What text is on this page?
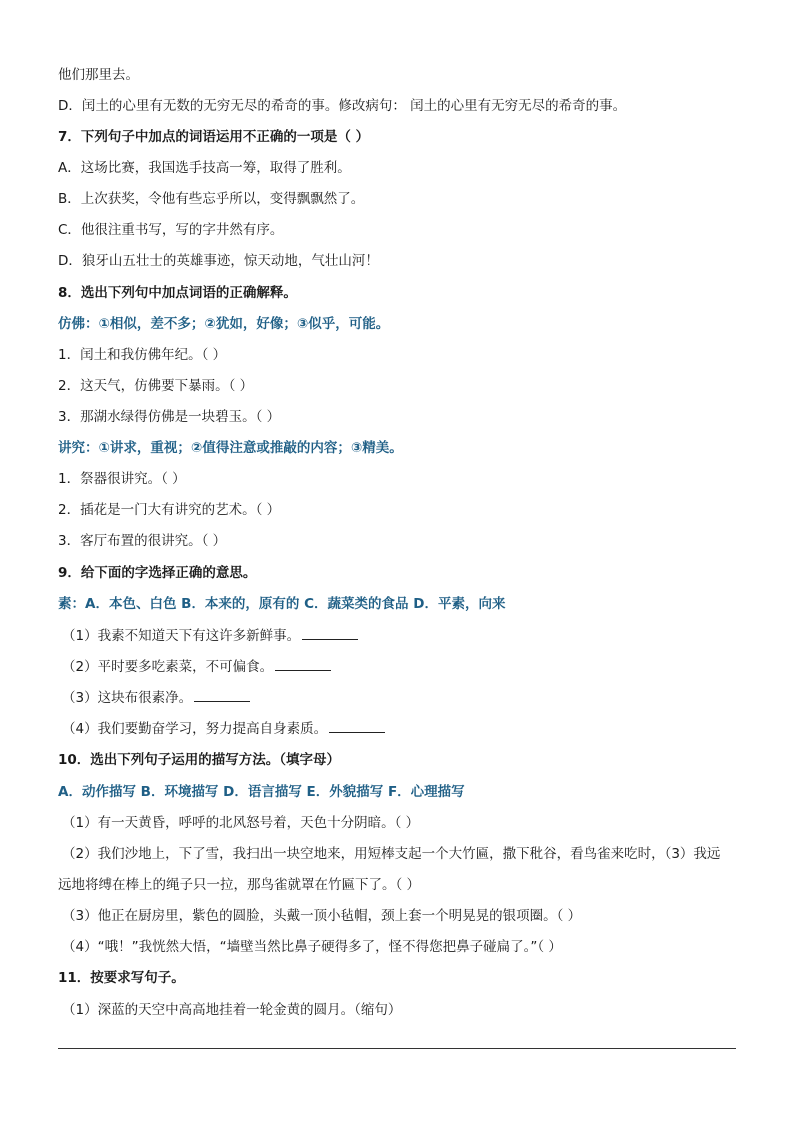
他们那里去。
D．闰土的心里有无数的无穷无尽的希奇的事。修改病句： 闰土的心里有无穷无尽的希奇的事。
7．下列句子中加点的词语运用不正确的一项是（ ）
A．这场比赛，我国选手技高一筹，取得了胜利。
B．上次获奖，令他有些忘乎所以，变得飘飘然了。
C．他很注重书写，写的字井然有序。
D．狼牙山五壮士的英雄事迹，惊天动地，气壮山河！
8．选出下列句中加点词语的正确解释。
仿佛：①相似，差不多；②犹如，好像；③似乎，可能。
1．闰土和我仿佛年纪。（ ）
2．这天气，仿佛要下暴雨。（ ）
3．那湖水绿得仿佛是一块碧玉。（ ）
讲究：①讲求，重视；②值得注意或推敲的内容；③精美。
1．祭器很讲究。（ ）
2．插花是一门大有讲究的艺术。（ ）
3．客厅布置的很讲究。（ ）
9．给下面的字选择正确的意思。
素：A．本色、白色 B．本来的，原有的 C．蔬菜类的食品 D．平素，向来
（1）我素不知道天下有这许多新鲜事。
（2）平时要多吃素菜，不可偏食。
（3）这块布很素净。
（4）我们要勤奋学习，努力提高自身素质。
10．选出下列句子运用的描写方法。（填字母）
A．动作描写 B．环境描写 D．语言描写 E．外貌描写 F．心理描写
（1）有一天黄昏，呼呼的北风怒号着，天色十分阴暗。（ ）
（2）我们沙地上，下了雪，我扫出一块空地来，用短棒支起一个大竹匾，撒下秕谷，看鸟雀来吃时，（3）我远
远地将缚在棒上的绳子只一拉，那鸟雀就罩在竹匾下了。（ ）
（3）他正在厨房里，紫色的圆脸，头戴一顶小毡帽，颈上套一个明晃晃的银项圈。（ ）
（4）“哦！”我恍然大悟，“墙壁当然比鼻子硬得多了，怪不得您把鼻子碰扁了。”（ ）
11．按要求写句子。
（1）深蓝的天空中高高地挂着一轮金黄的圆月。（缩句）
